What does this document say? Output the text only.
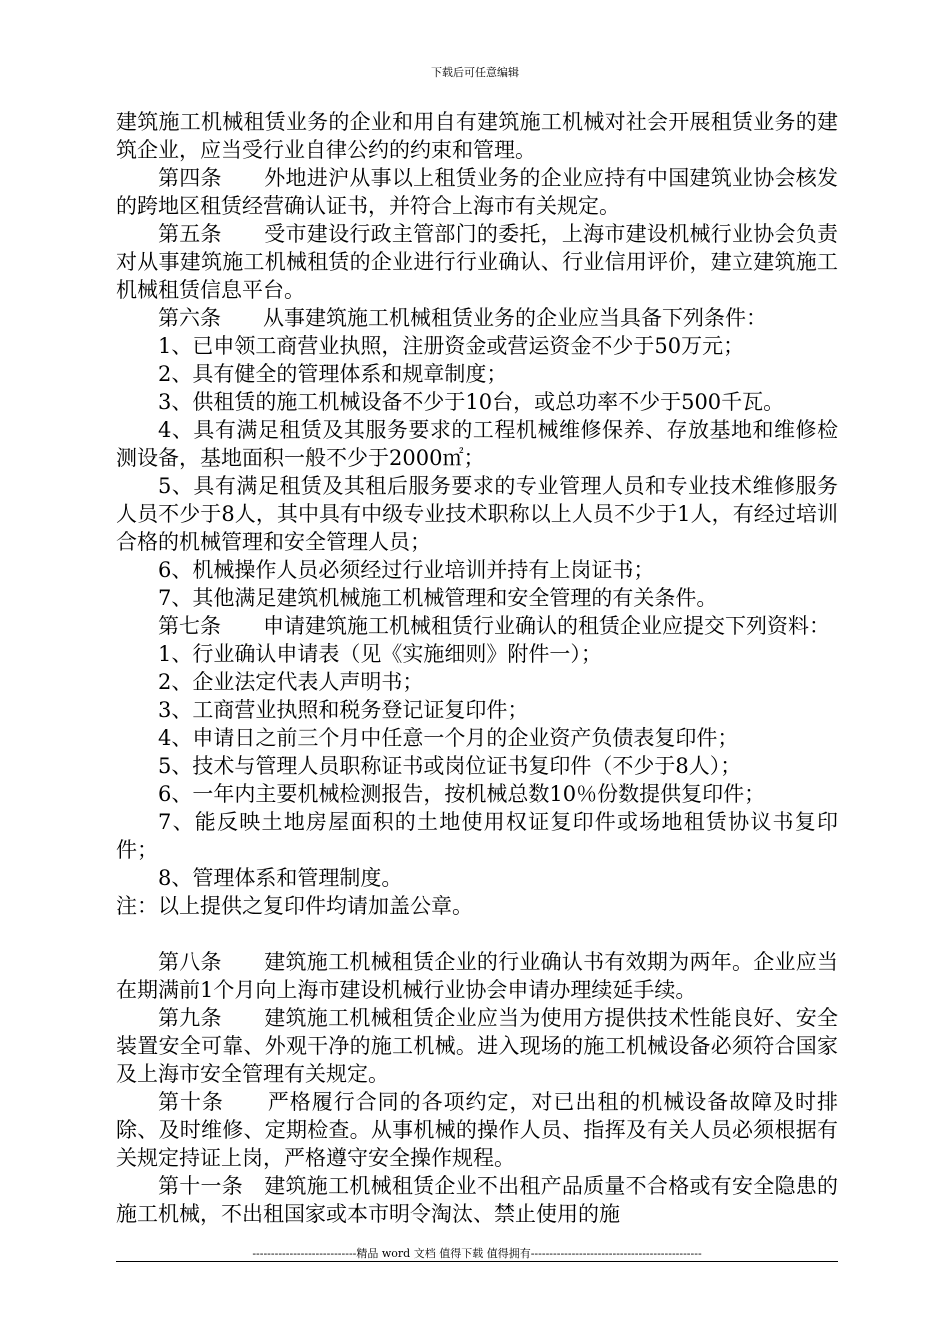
下载后可任意编辑

建筑施工机械租赁业务的企业和用自有建筑施工机械对社会开展租赁业务的建筑企业，应当受行业自律公约的约束和管理。

第四条　　外地进沪从事以上租赁业务的企业应持有中国建筑业协会核发的跨地区租赁经营确认证书，并符合上海市有关规定。

第五条　　受市建设行政主管部门的委托，上海市建设机械行业协会负责对从事建筑施工机械租赁的企业进行行业确认、行业信用评价，建立建筑施工机械租赁信息平台。

第六条　　从事建筑施工机械租赁业务的企业应当具备下列条件：

1、已申领工商营业执照，注册资金或营运资金不少于50万元；

2、具有健全的管理体系和规章制度；

3、供租赁的施工机械设备不少于10台，或总功率不少于500千瓦。

4、具有满足租赁及其服务要求的工程机械维修保养、存放基地和维修检测设备，基地面积一般不少于2000㎡；

5、具有满足租赁及其租后服务要求的专业管理人员和专业技术维修服务人员不少于8人，其中具有中级专业技术职称以上人员不少于1人，有经过培训合格的机械管理和安全管理人员；

6、机械操作人员必须经过行业培训并持有上岗证书；

7、其他满足建筑机械施工机械管理和安全管理的有关条件。

第七条　　申请建筑施工机械租赁行业确认的租赁企业应提交下列资料：

1、行业确认申请表（见《实施细则》附件一）；

2、企业法定代表人声明书；

3、工商营业执照和税务登记证复印件；

4、申请日之前三个月中任意一个月的企业资产负债表复印件；

5、技术与管理人员职称证书或岗位证书复印件（不少于8人）；

6、一年内主要机械检测报告，按机械总数10％份数提供复印件；

7、能反映土地房屋面积的土地使用权证复印件或场地租赁协议书复印件；

8、管理体系和管理制度。

注：以上提供之复印件均请加盖公章。

第八条　　建筑施工机械租赁企业的行业确认书有效期为两年。企业应当在期满前1个月向上海市建设机械行业协会申请办理续延手续。

第九条　　建筑施工机械租赁企业应当为使用方提供技术性能良好、安全装置安全可靠、外观干净的施工机械。进入现场的施工机械设备必须符合国家及上海市安全管理有关规定。

第十条　　严格履行合同的各项约定，对已出租的机械设备故障及时排除、及时维修、定期检查。从事机械的操作人员、指挥及有关人员必须根据有关规定持证上岗，严格遵守安全操作规程。

第十一条　建筑施工机械租赁企业不出租产品质量不合格或有安全隐患的施工机械，不出租国家或本市明令淘汰、禁止使用的施

----------------------------精品 word 文档 值得下载 值得拥有----------------------------------------------
